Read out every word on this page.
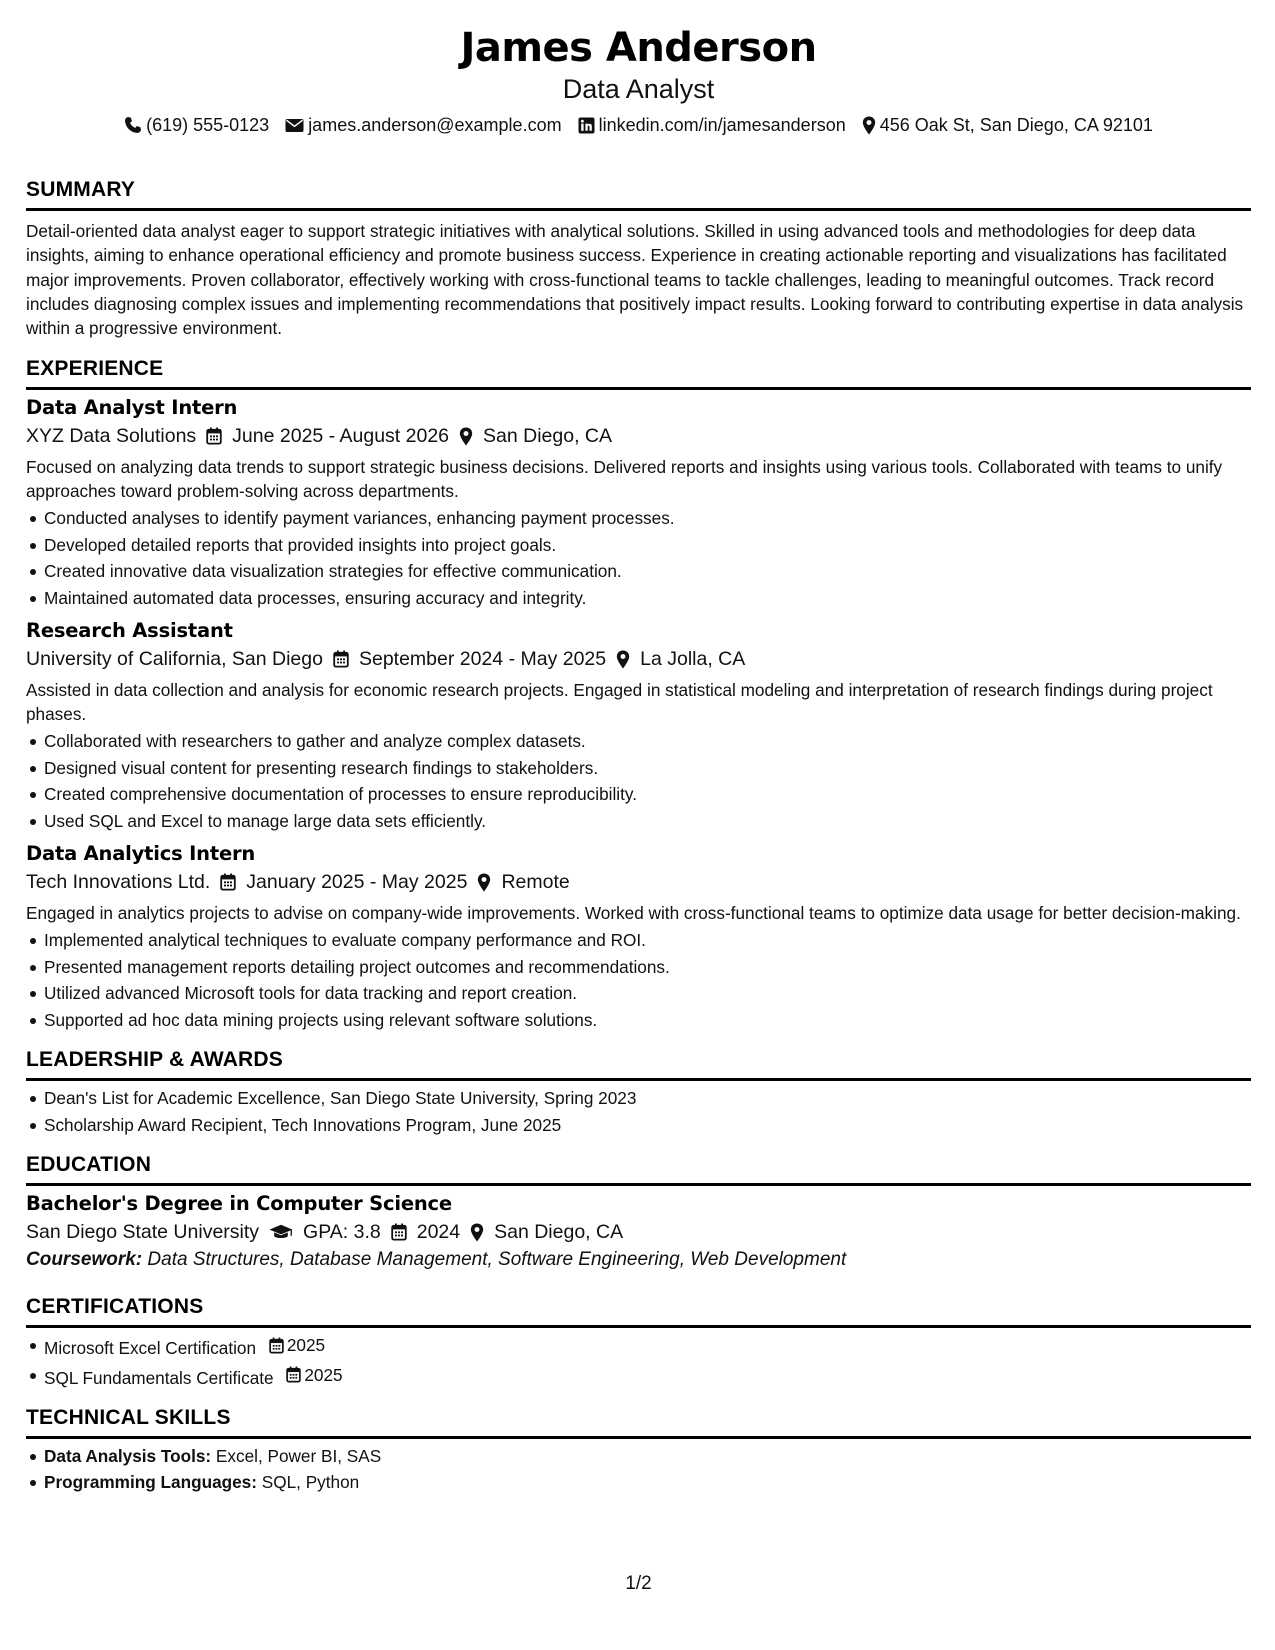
James Anderson
Data Analyst
(619) 555-0123 james.anderson@example.com linkedin.com/in/jamesanderson 456 Oak St, San Diego, CA 92101
SUMMARY
Detail-oriented data analyst eager to support strategic initiatives with analytical solutions. Skilled in using advanced tools and methodologies for deep data insights, aiming to enhance operational efficiency and promote business success. Experience in creating actionable reporting and visualizations has facilitated major improvements. Proven collaborator, effectively working with cross-functional teams to tackle challenges, leading to meaningful outcomes. Track record includes diagnosing complex issues and implementing recommendations that positively impact results. Looking forward to contributing expertise in data analysis within a progressive environment.
EXPERIENCE
Data Analyst Intern
XYZ Data Solutions June 2025 - August 2026 San Diego, CA
Focused on analyzing data trends to support strategic business decisions. Delivered reports and insights using various tools. Collaborated with teams to unify approaches toward problem-solving across departments.
Conducted analyses to identify payment variances, enhancing payment processes.
Developed detailed reports that provided insights into project goals.
Created innovative data visualization strategies for effective communication.
Maintained automated data processes, ensuring accuracy and integrity.
Research Assistant
University of California, San Diego September 2024 - May 2025 La Jolla, CA
Assisted in data collection and analysis for economic research projects. Engaged in statistical modeling and interpretation of research findings during project phases.
Collaborated with researchers to gather and analyze complex datasets.
Designed visual content for presenting research findings to stakeholders.
Created comprehensive documentation of processes to ensure reproducibility.
Used SQL and Excel to manage large data sets efficiently.
Data Analytics Intern
Tech Innovations Ltd. January 2025 - May 2025 Remote
Engaged in analytics projects to advise on company-wide improvements. Worked with cross-functional teams to optimize data usage for better decision-making.
Implemented analytical techniques to evaluate company performance and ROI.
Presented management reports detailing project outcomes and recommendations.
Utilized advanced Microsoft tools for data tracking and report creation.
Supported ad hoc data mining projects using relevant software solutions.
LEADERSHIP & AWARDS
Dean's List for Academic Excellence, San Diego State University, Spring 2023
Scholarship Award Recipient, Tech Innovations Program, June 2025
EDUCATION
Bachelor's Degree in Computer Science
San Diego State University GPA: 3.8 2024 San Diego, CA
Coursework: Data Structures, Database Management, Software Engineering, Web Development
CERTIFICATIONS
Microsoft Excel Certification 2025
SQL Fundamentals Certificate 2025
TECHNICAL SKILLS
Data Analysis Tools: Excel, Power BI, SAS
Programming Languages: SQL, Python
1/2
